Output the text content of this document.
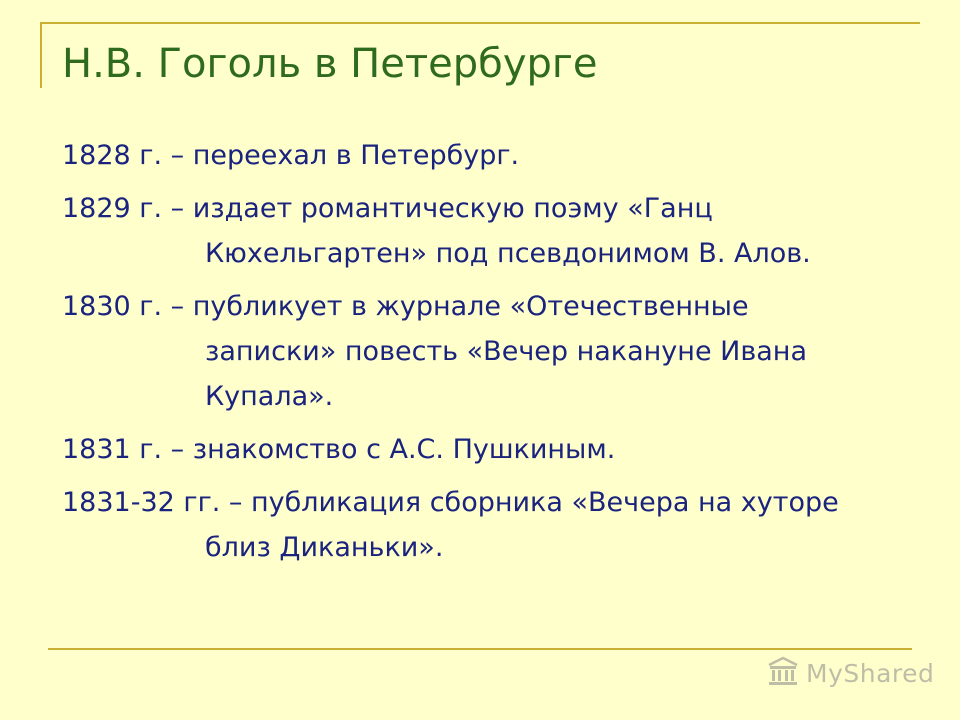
Н.В. Гоголь в Петербурге
1828 г. – переехал в Петербург.
1829 г. – издает романтическую поэму «Ганц
Кюхельгартен» под псевдонимом В. Алов.
1830 г. – публикует в журнале «Отечественные
записки» повесть «Вечер накануне Ивана
Купала».
1831 г. – знакомство с А.С. Пушкиным.
1831-32 гг. – публикация сборника «Вечера на хуторе
близ Диканьки».
MyShared
